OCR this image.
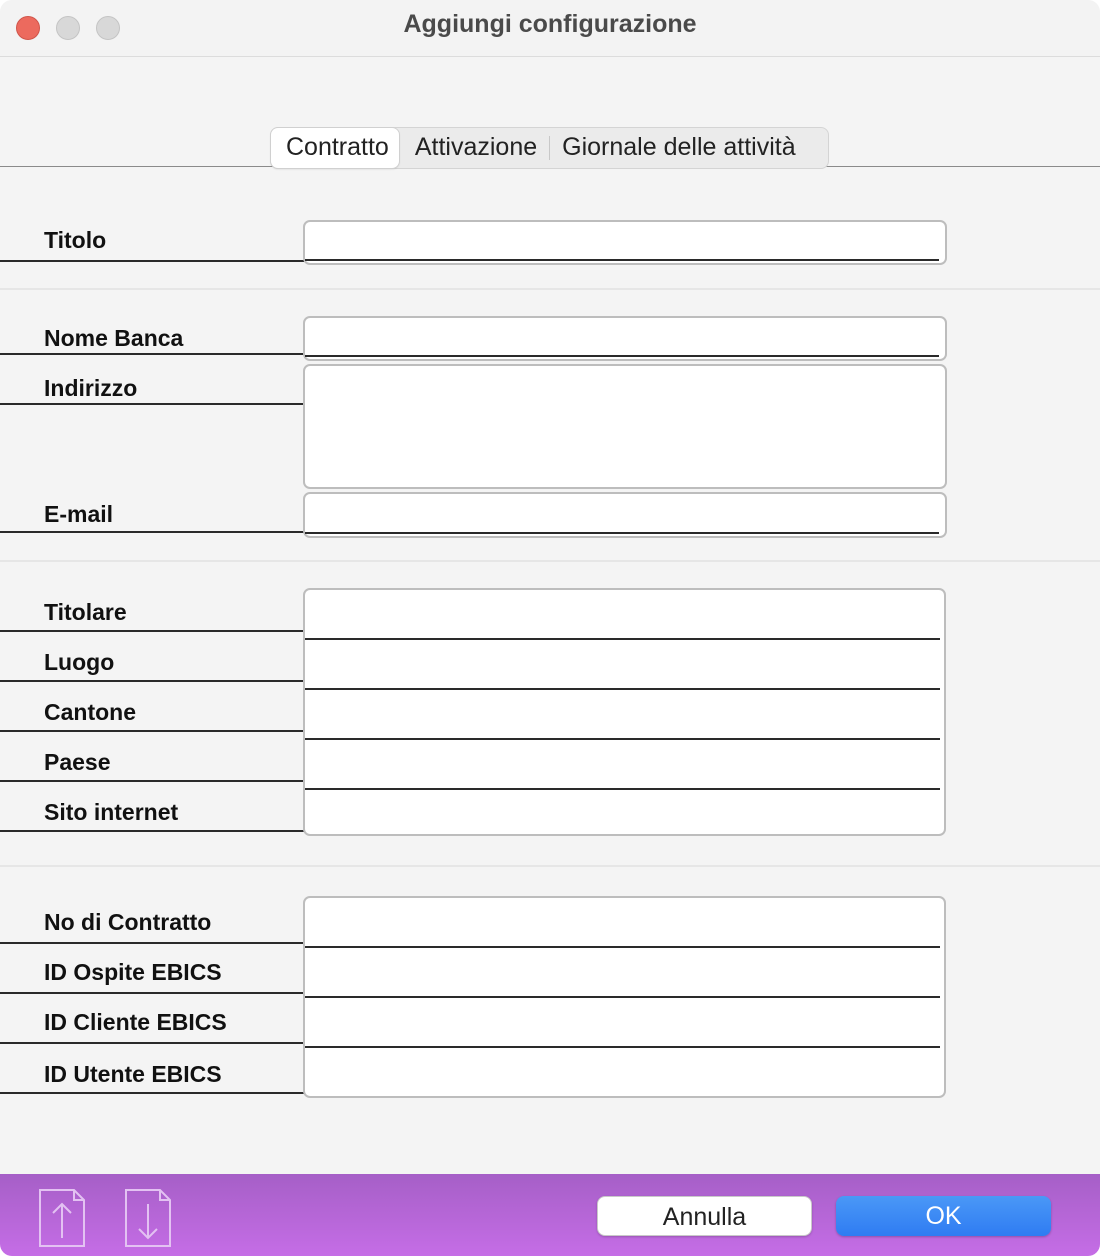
Aggiungi configurazione
Contratto	Attivazione	Giornale delle attività
Titolo
Nome Banca
Indirizzo
E-mail
Titolare
Luogo
Cantone
Paese
Sito internet
No di Contratto
ID Ospite EBICS
ID Cliente EBICS
ID Utente EBICS
Annulla	OK
